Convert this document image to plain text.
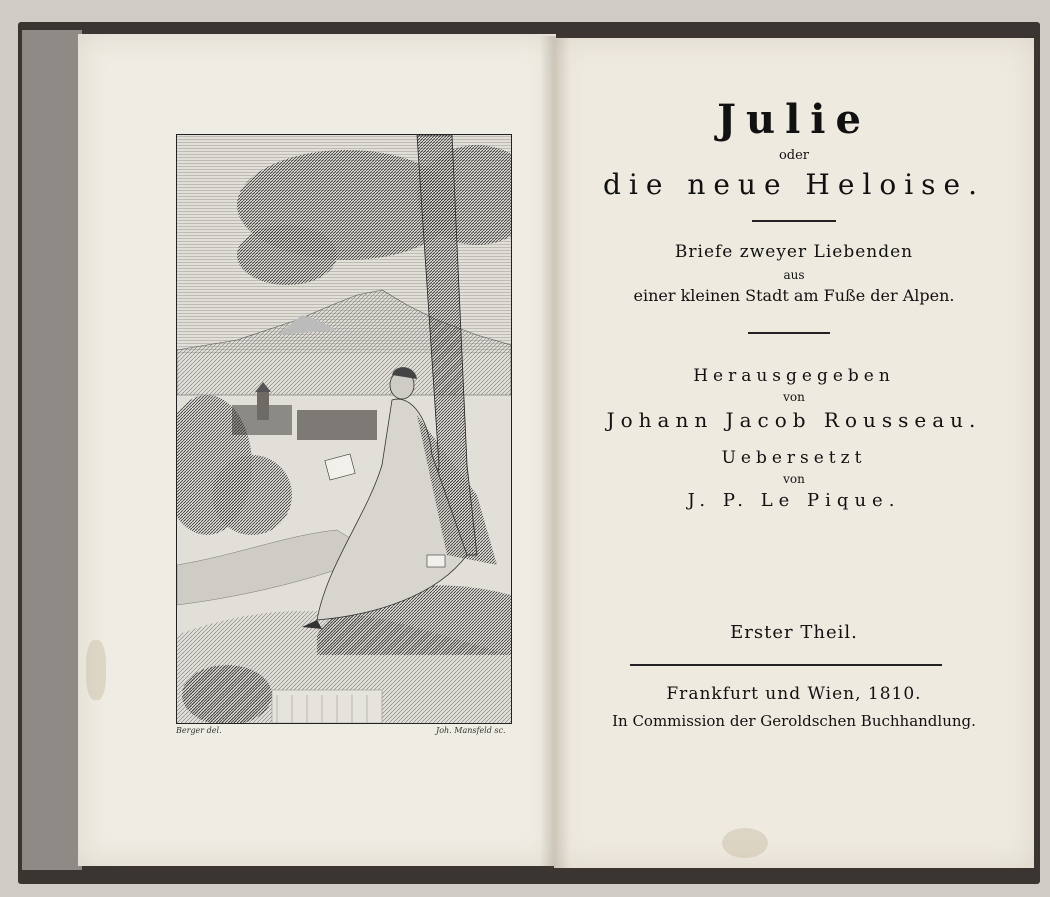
Berger del.	Joh. Mansfeld sc.
Julie
oder
die neue Heloise.
Briefe zweyer Liebenden
aus
einer kleinen Stadt am Fuße der Alpen.
Herausgegeben
von
Johann Jacob Rousseau.
Uebersetzt
von
J. P. Le Pique.
Erster Theil.
Frankfurt und Wien, 1810.
In Commission der Geroldschen Buchhandlung.
